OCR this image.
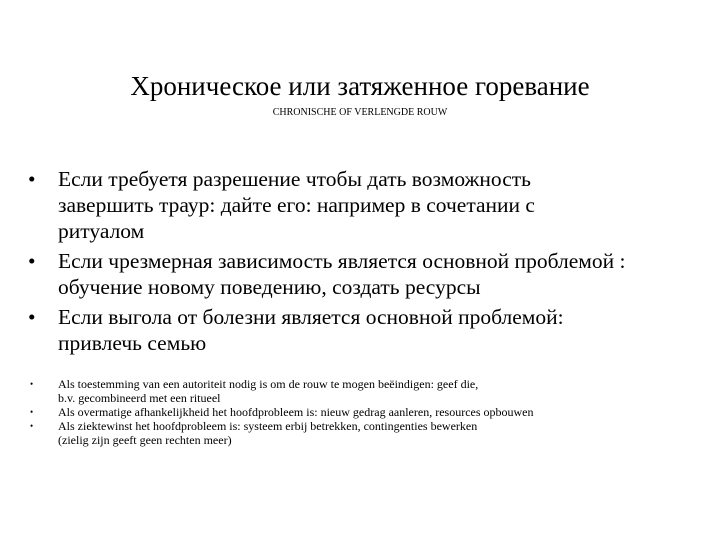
Хроническое или затяженное горевание
CHRONISCHE OF VERLENGDE ROUW
•	Если требуетя разрешение чтобы дать возможность
завершить траур: дайте его: например в сочетании с
ритуалом
•	Если чрезмерная зависимость является основной проблемой :
обучение новому поведению, создать ресурсы
•	Если выгола от болезни является основной проблемой:
привлечь семью
•	Als toestemming van een autoriteit nodig is om de rouw te mogen beëindigen: geef die,
b.v. gecombineerd met een ritueel
•	Als overmatige afhankelijkheid het hoofdprobleem is: nieuw gedrag aanleren, resources opbouwen
•	Als ziektewinst het hoofdprobleem is: systeem erbij betrekken, contingenties bewerken
(zielig zijn geeft geen rechten meer)
